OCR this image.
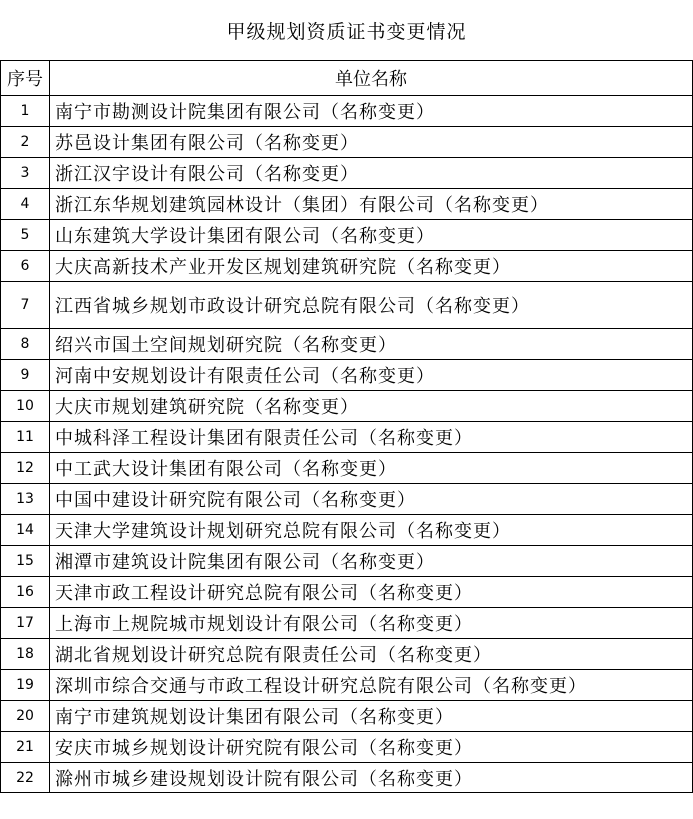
甲级规划资质证书变更情况
序号	单位名称
1	南宁市勘测设计院集团有限公司（名称变更）
2	苏邑设计集团有限公司（名称变更）
3	浙江汉宇设计有限公司（名称变更）
4	浙江东华规划建筑园林设计（集团）有限公司（名称变更）
5	山东建筑大学设计集团有限公司（名称变更）
6	大庆高新技术产业开发区规划建筑研究院（名称变更）
7	江西省城乡规划市政设计研究总院有限公司（名称变更）
8	绍兴市国土空间规划研究院（名称变更）
9	河南中安规划设计有限责任公司（名称变更）
10	大庆市规划建筑研究院（名称变更）
11	中城科泽工程设计集团有限责任公司（名称变更）
12	中工武大设计集团有限公司（名称变更）
13	中国中建设计研究院有限公司（名称变更）
14	天津大学建筑设计规划研究总院有限公司（名称变更）
15	湘潭市建筑设计院集团有限公司（名称变更）
16	天津市政工程设计研究总院有限公司（名称变更）
17	上海市上规院城市规划设计有限公司（名称变更）
18	湖北省规划设计研究总院有限责任公司（名称变更）
19	深圳市综合交通与市政工程设计研究总院有限公司（名称变更）
20	南宁市建筑规划设计集团有限公司（名称变更）
21	安庆市城乡规划设计研究院有限公司（名称变更）
22	滁州市城乡建设规划设计院有限公司（名称变更）
